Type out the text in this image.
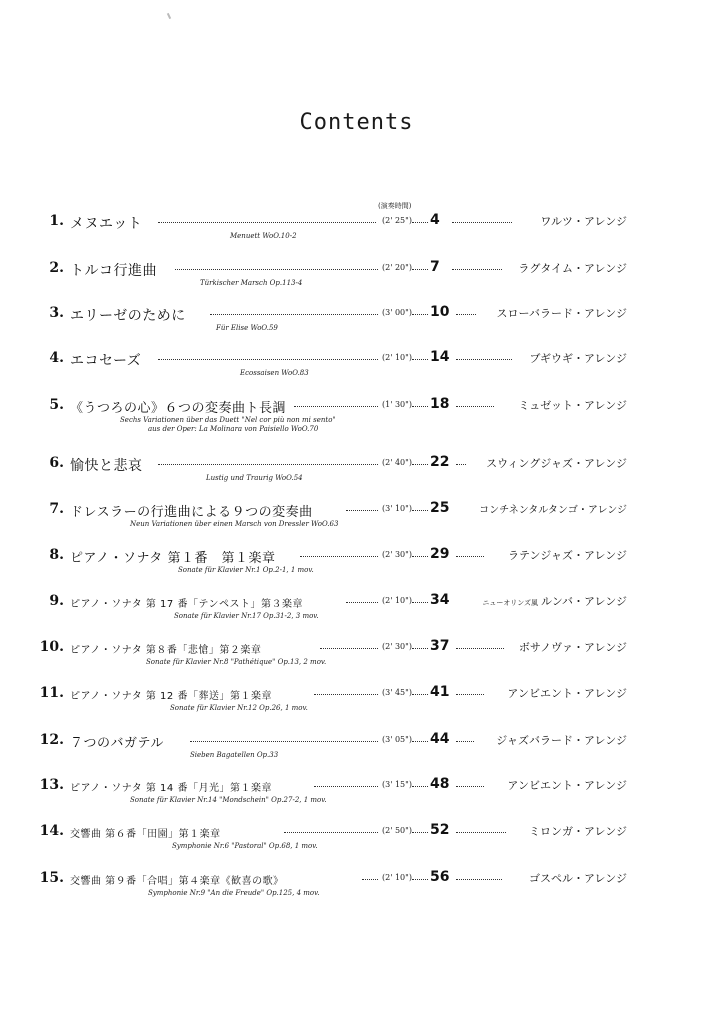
Contents
(演奏時間)
1. メヌエット	(2' 25")	4	ワルツ・アレンジ
Menuett WoO.10-2
2. トルコ行進曲	(2' 20")	7	ラグタイム・アレンジ
Türkischer Marsch Op.113-4
3. エリーゼのために	(3' 00")	10	スローバラード・アレンジ
Für Elise WoO.59
4. エコセーズ	(2' 10")	14	ブギウギ・アレンジ
Ecossaisen WoO.83
5. 《うつろの心》６つの変奏曲ト長調	(1' 30")	18	ミュゼット・アレンジ
Sechs Variationen über das Duett "Nel cor più non mi sento"
aus der Oper: La Molinara von Paisiello WoO.70
6. 愉快と悲哀	(2' 40")	22	スウィングジャズ・アレンジ
Lustig und Traurig WoO.54
7. ドレスラーの行進曲による９つの変奏曲	(3' 10")	25	コンチネンタルタンゴ・アレンジ
Neun Variationen über einen Marsch von Dressler WoO.63
8. ピアノ・ソナタ 第１番　第１楽章	(2' 30")	29	ラテンジャズ・アレンジ
Sonate für Klavier Nr.1 Op.2-1, 1 mov.
9. ピアノ・ソナタ 第 17 番「テンペスト」第３楽章	(2' 10")	34	ニューオリンズ風 ルンバ・アレンジ
Sonate für Klavier Nr.17 Op.31-2, 3 mov.
10. ピアノ・ソナタ 第８番「悲愴」第２楽章	(2' 30")	37	ボサノヴァ・アレンジ
Sonate für Klavier Nr.8 "Pathétique" Op.13, 2 mov.
11. ピアノ・ソナタ 第 12 番「葬送」第１楽章	(3' 45")	41	アンビエント・アレンジ
Sonate für Klavier Nr.12 Op.26, 1 mov.
12. ７つのバガテル	(3' 05")	44	ジャズバラード・アレンジ
Sieben Bagatellen Op.33
13. ピアノ・ソナタ 第 14 番「月光」第１楽章	(3' 15")	48	アンビエント・アレンジ
Sonate für Klavier Nr.14 "Mondschein" Op.27-2, 1 mov.
14. 交響曲 第６番「田園」第１楽章	(2' 50")	52	ミロンガ・アレンジ
Symphonie Nr.6 "Pastoral" Op.68, 1 mov.
15. 交響曲 第９番「合唱」第４楽章《歓喜の歌》	(2' 10")	56	ゴスペル・アレンジ
Symphonie Nr.9 "An die Freude" Op.125, 4 mov.
